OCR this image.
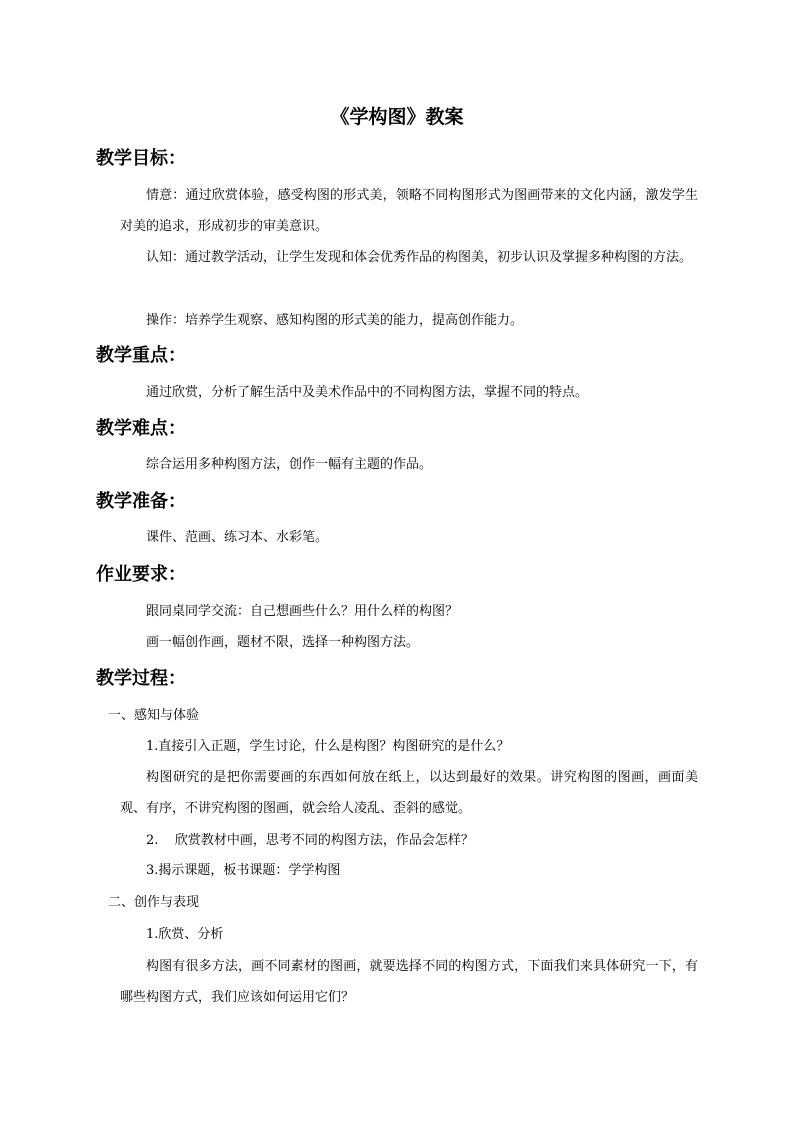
《学构图》教案
教学目标：

情意：通过欣赏体验，感受构图的形式美，领略不同构图形式为图画带来的文化内涵，激发学生对美的追求，形成初步的审美意识。

认知：通过教学活动，让学生发现和体会优秀作品的构图美，初步认识及掌握多种构图的方法。

操作：培养学生观察、感知构图的形式美的能力，提高创作能力。

教学重点：

通过欣赏，分析了解生活中及美术作品中的不同构图方法，掌握不同的特点。

教学难点：

综合运用多种构图方法，创作一幅有主题的作品。

教学准备：

课件、范画、练习本、水彩笔。

作业要求：

跟同桌同学交流：自己想画些什么？用什么样的构图？

画一幅创作画，题材不限，选择一种构图方法。

教学过程：

一、感知与体验

1.直接引入正题，学生讨论，什么是构图？构图研究的是什么？

构图研究的是把你需要画的东西如何放在纸上，以达到最好的效果。讲究构图的图画，画面美观、有序，不讲究构图的图画，就会给人凌乱、歪斜的感觉。

2.    欣赏教材中画，思考不同的构图方法，作品会怎样？

3.揭示课题，板书课题：学学构图

二、创作与表现

1.欣赏、分析

构图有很多方法，画不同素材的图画，就要选择不同的构图方式，下面我们来具体研究一下，有哪些构图方式，我们应该如何运用它们？
